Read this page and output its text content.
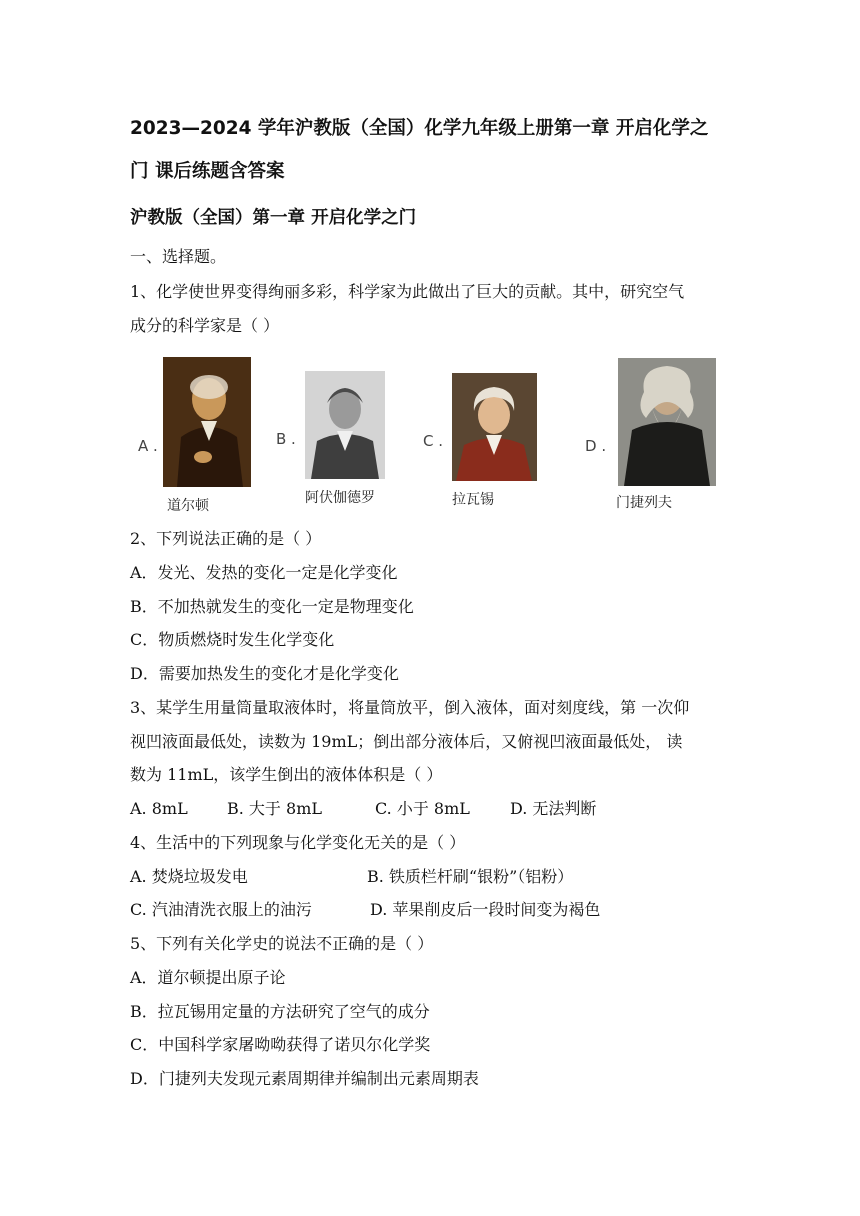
2023—2024 学年沪教版（全国）化学九年级上册第一章 开启化学之
门 课后练题含答案
沪教版（全国）第一章 开启化学之门
一、选择题。
1、化学使世界变得绚丽多彩，科学家为此做出了巨大的贡献。其中，研究空气
成分的科学家是（ ）
A .
道尔顿
B .
阿伏伽德罗
C .
拉瓦锡
D .
门捷列夫
2、下列说法正确的是（ ）
A．发光、发热的变化一定是化学变化
B．不加热就发生的变化一定是物理变化
C．物质燃烧时发生化学变化
D．需要加热发生的变化才是化学变化
3、某学生用量筒量取液体时，将量筒放平，倒入液体，面对刻度线，第 一次仰
视凹液面最低处，读数为 19mL；倒出部分液体后，又俯视凹液面最低处， 读
数为 11mL，该学生倒出的液体体积是（ ）
A. 8mL B. 大于 8mL	C. 小于 8mL	D. 无法判断
4、生活中的下列现象与化学变化无关的是（ ）
A. 焚烧垃圾发电	B. 铁质栏杆刷“银粉”（铝粉）
C. 汽油清洗衣服上的油污	D. 苹果削皮后一段时间变为褐色
5、下列有关化学史的说法不正确的是（ ）
A．道尔顿提出原子论
B．拉瓦锡用定量的方法研究了空气的成分
C．中国科学家屠呦呦获得了诺贝尔化学奖
D．门捷列夫发现元素周期律并编制出元素周期表
